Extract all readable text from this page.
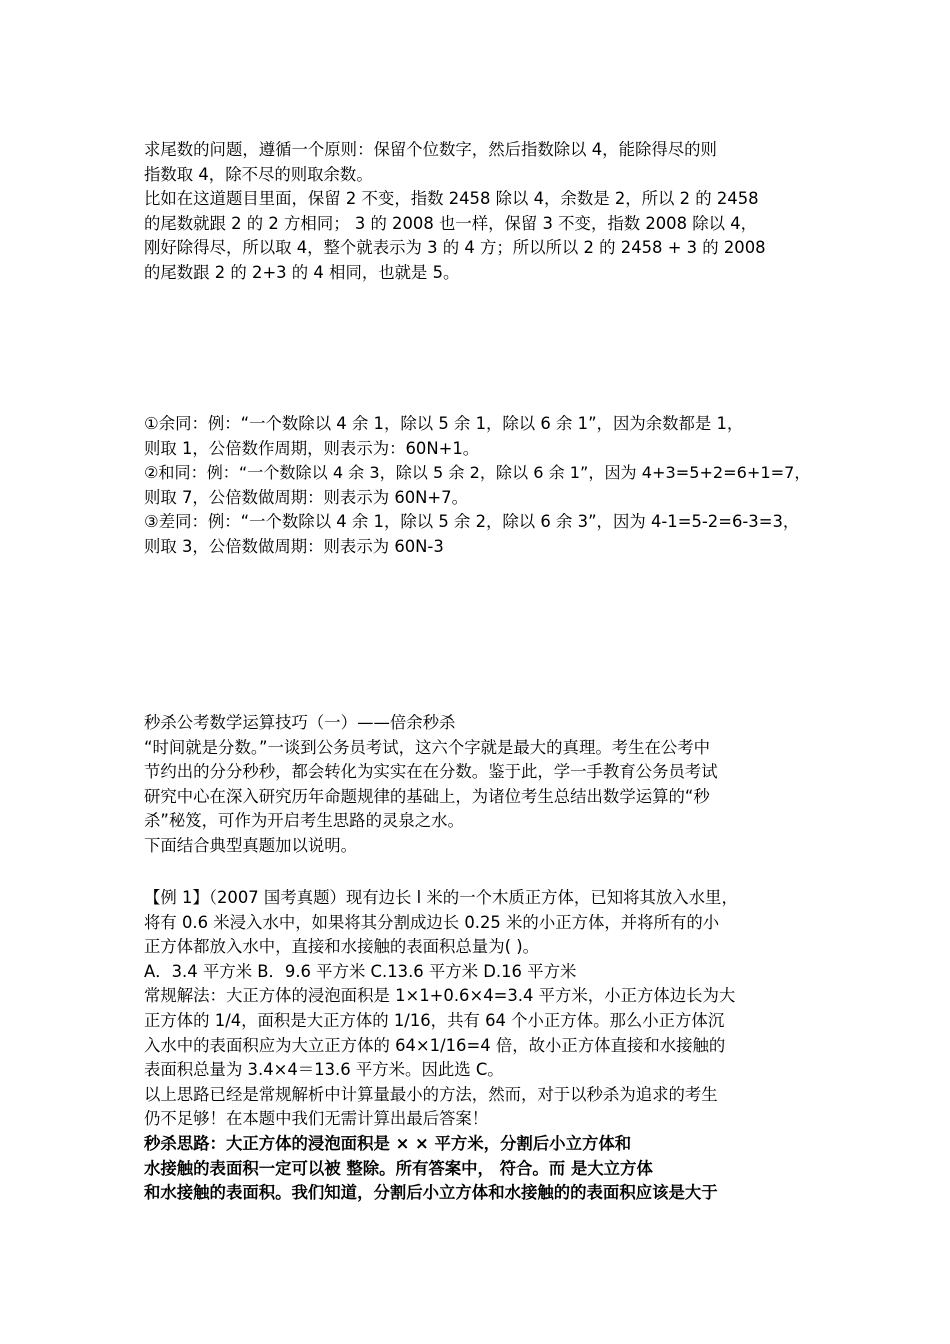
求尾数的问题，遵循一个原则：保留个位数字，然后指数除以 4，能除得尽的则
指数取 4，除不尽的则取余数。
比如在这道题目里面，保留 2 不变，指数 2458 除以 4，余数是 2，所以 2 的 2458
的尾数就跟 2 的 2 方相同； 3 的 2008 也一样，保留 3 不变，指数 2008 除以 4，
刚好除得尽，所以取 4，整个就表示为 3 的 4 方；所以所以 2 的 2458 + 3 的 2008
的尾数跟 2 的 2+3 的 4 相同，也就是 5。
①余同：例：“一个数除以 4 余 1，除以 5 余 1，除以 6 余 1”，因为余数都是 1，
则取 1，公倍数作周期，则表示为：60N+1。
②和同：例：“一个数除以 4 余 3，除以 5 余 2，除以 6 余 1”，因为 4+3=5+2=6+1=7，
则取 7，公倍数做周期：则表示为 60N+7。
③差同：例：“一个数除以 4 余 1，除以 5 余 2，除以 6 余 3”，因为 4-1=5-2=6-3=3，
则取 3，公倍数做周期：则表示为 60N-3
秒杀公考数学运算技巧（一）——倍余秒杀
“时间就是分数。”一谈到公务员考试，这六个字就是最大的真理。考生在公考中
节约出的分分秒秒，都会转化为实实在在分数。鉴于此，学一手教育公务员考试
研究中心在深入研究历年命题规律的基础上，为诸位考生总结出数学运算的“秒
杀”秘笈，可作为开启考生思路的灵泉之水。
下面结合典型真题加以说明。
【例 1】（2007 国考真题）现有边长 l 米的一个木质正方体，已知将其放入水里，
将有 0.6 米浸入水中，如果将其分割成边长 0.25 米的小正方体，并将所有的小
正方体都放入水中，直接和水接触的表面积总量为( )。
A．3.4 平方米 B．9.6 平方米 C.13.6 平方米 D.16 平方米
常规解法：大正方体的浸泡面积是 1×1+0.6×4=3.4 平方米，小正方体边长为大
正方体的 1/4，面积是大正方体的 1/16，共有 64 个小正方体。那么小正方体沉
入水中的表面积应为大立正方体的 64×1/16=4 倍，故小正方体直接和水接触的
表面积总量为 3.4×4＝13.6 平方米。因此选 C。
以上思路已经是常规解析中计算量最小的方法，然而，对于以秒杀为追求的考生
仍不足够！在本题中我们无需计算出最后答案！
秒杀思路：大正方体的浸泡面积是 × × 平方米，分割后小立方体和
水接触的表面积一定可以被 整除。所有答案中， 符合。而 是大立方体
和水接触的表面积。我们知道，分割后小立方体和水接触的的表面积应该是大于
